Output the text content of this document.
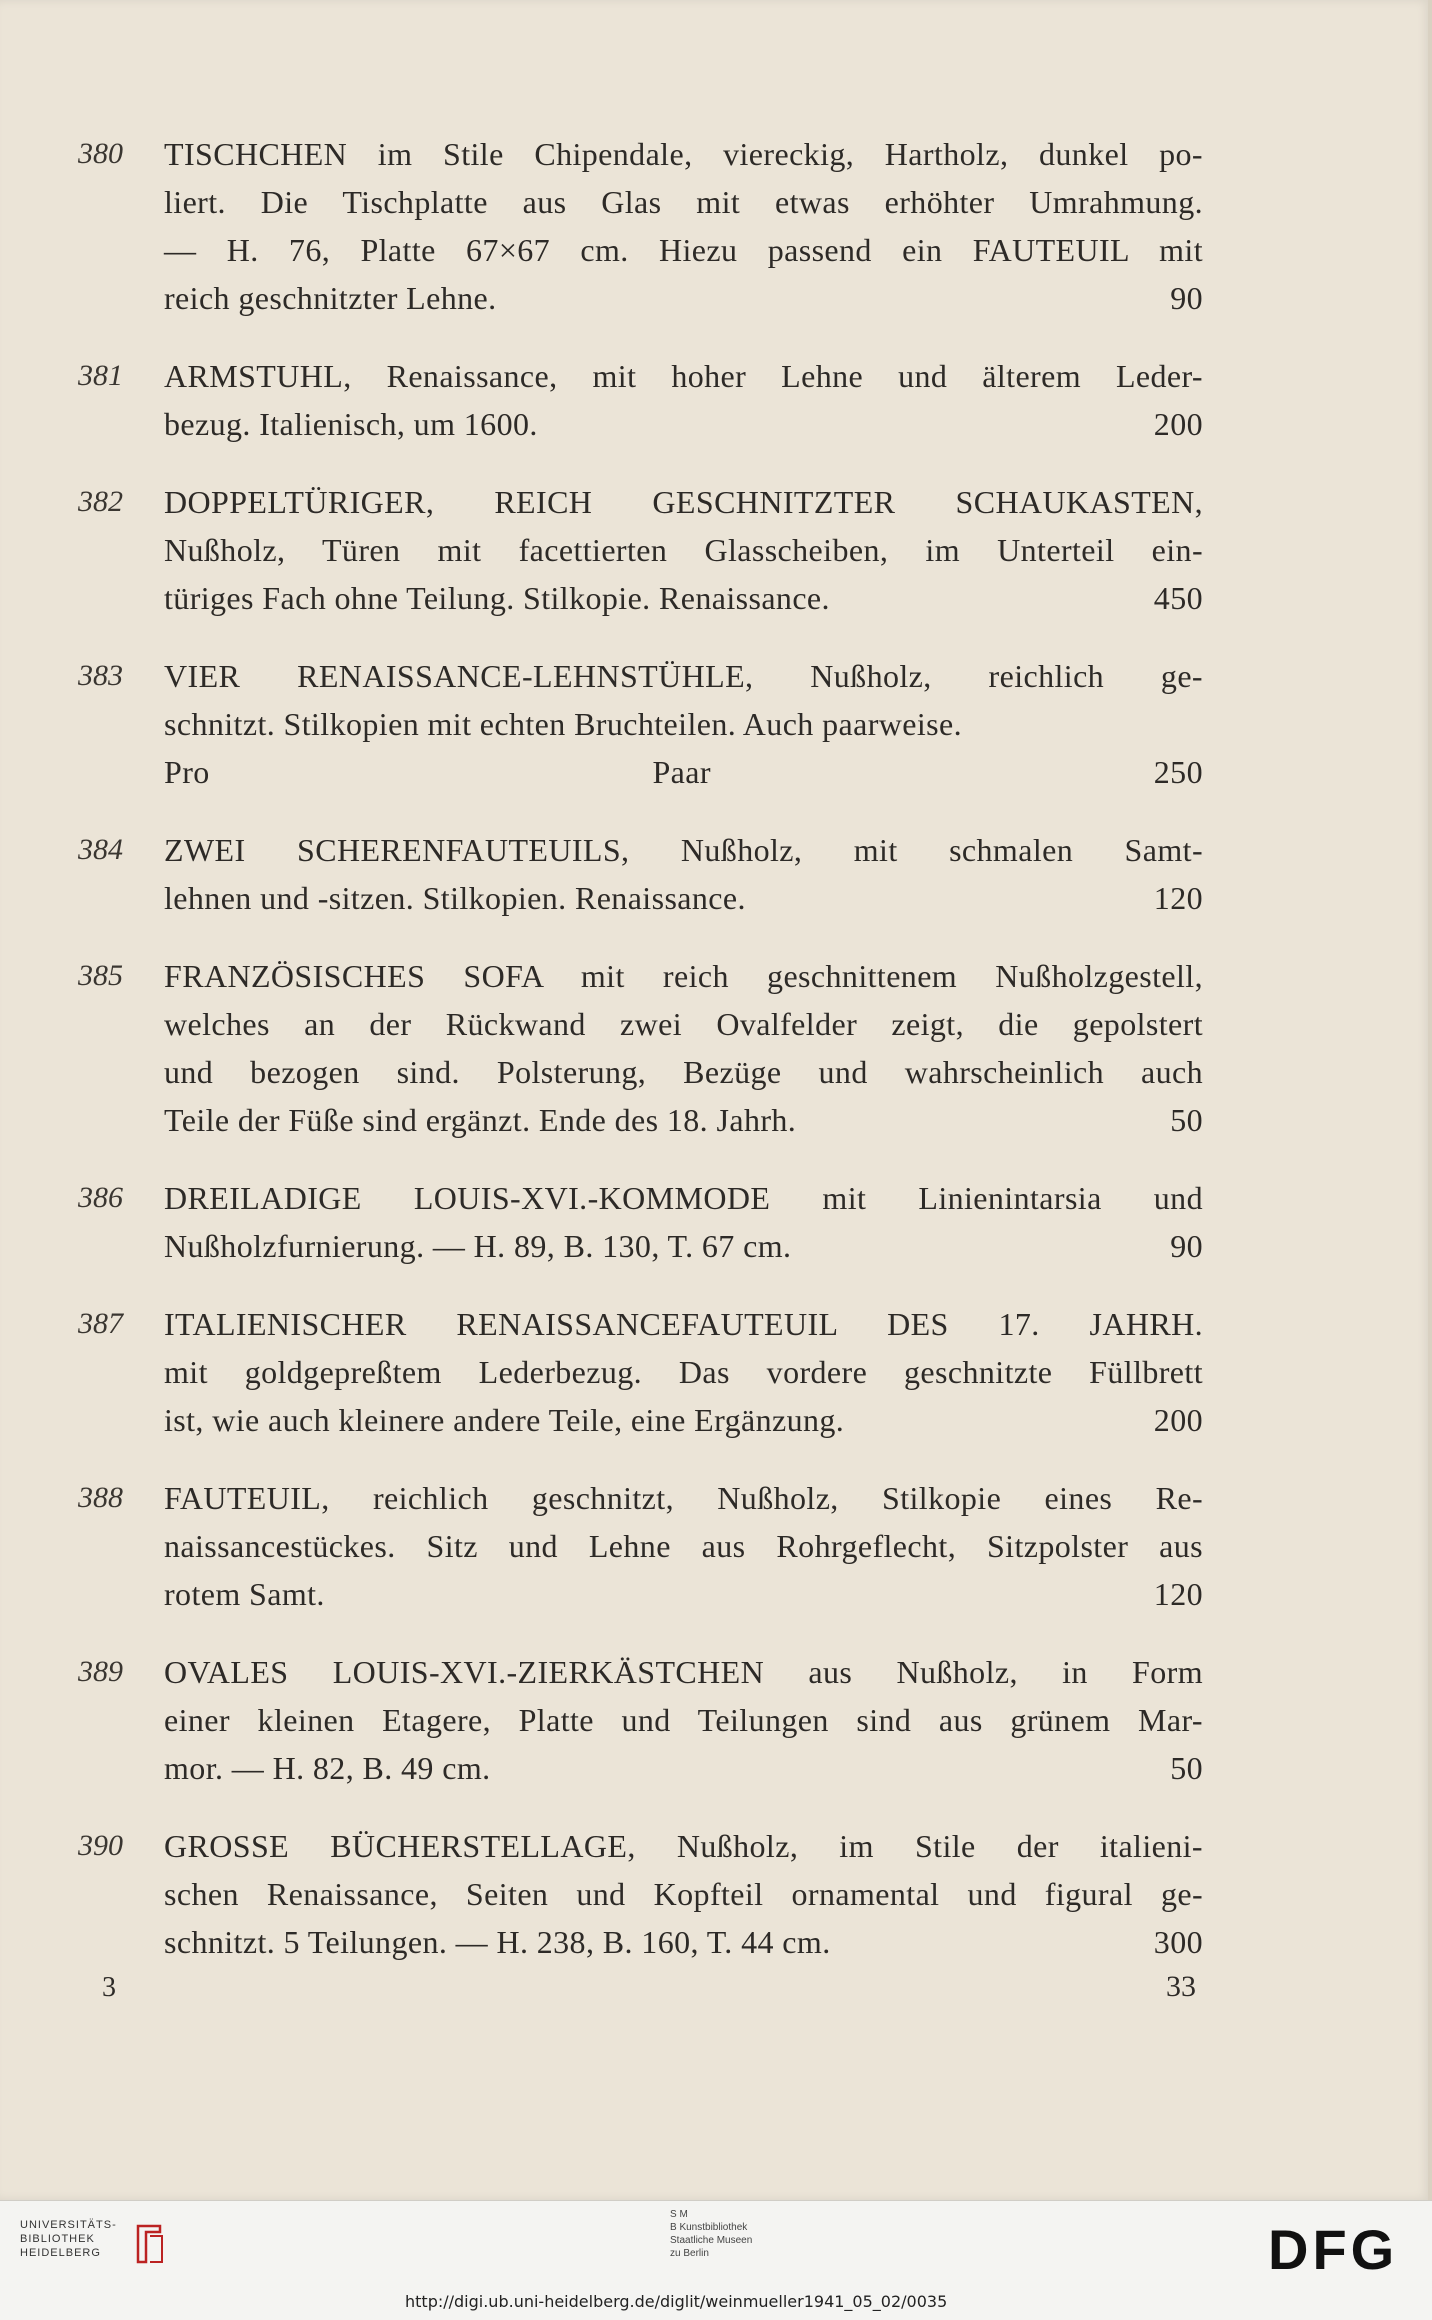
380	TISCHCHEN im Stile Chipendale, viereckig, Hartholz, dunkel po-
liert. Die Tischplatte aus Glas mit etwas erhöhter Umrahmung.
— H. 76, Platte 67×67 cm. Hiezu passend ein FAUTEUIL mit
reich geschnitzter Lehne.	90
381	ARMSTUHL, Renaissance, mit hoher Lehne und älterem Leder-
bezug. Italienisch, um 1600.	200
382	DOPPELTÜRIGER, REICH GESCHNITZTER SCHAUKASTEN,
Nußholz, Türen mit facettierten Glasscheiben, im Unterteil ein-
türiges Fach ohne Teilung. Stilkopie. Renaissance.	450
383	VIER RENAISSANCE-LEHNSTÜHLE, Nußholz, reichlich ge-
schnitzt. Stilkopien mit echten Bruchteilen. Auch paarweise.
Pro Paar 250
384	ZWEI SCHERENFAUTEUILS, Nußholz, mit schmalen Samt-
lehnen und -sitzen. Stilkopien. Renaissance.	120
385	FRANZÖSISCHES SOFA mit reich geschnittenem Nußholzgestell,
welches an der Rückwand zwei Ovalfelder zeigt, die gepolstert
und bezogen sind. Polsterung, Bezüge und wahrscheinlich auch
Teile der Füße sind ergänzt. Ende des 18. Jahrh.	50
386	DREILADIGE LOUIS-XVI.-KOMMODE mit Linienintarsia und
Nußholzfurnierung. — H. 89, B. 130, T. 67 cm.	90
387	ITALIENISCHER RENAISSANCEFAUTEUIL DES 17. JAHRH.
mit goldgepreßtem Lederbezug. Das vordere geschnitzte Füllbrett
ist, wie auch kleinere andere Teile, eine Ergänzung.	200
388	FAUTEUIL, reichlich geschnitzt, Nußholz, Stilkopie eines Re-
naissancestückes. Sitz und Lehne aus Rohrgeflecht, Sitzpolster aus
rotem Samt.	120
389	OVALES LOUIS-XVI.-ZIERKÄSTCHEN aus Nußholz, in Form
einer kleinen Etagere, Platte und Teilungen sind aus grünem Mar-
mor. — H. 82, B. 49 cm.	50
390	GROSSE BÜCHERSTELLAGE, Nußholz, im Stile der italieni-
schen Renaissance, Seiten und Kopfteil ornamental und figural ge-
schnitzt. 5 Teilungen. — H. 238, B. 160, T. 44 cm.	300
3	33
UNIVERSITÄTS-
BIBLIOTHEK
HEIDELBERG
S M
B Kunstbibliothek
Staatliche Museen
zu Berlin	DFG
http://digi.ub.uni-heidelberg.de/diglit/weinmueller1941_05_02/0035
